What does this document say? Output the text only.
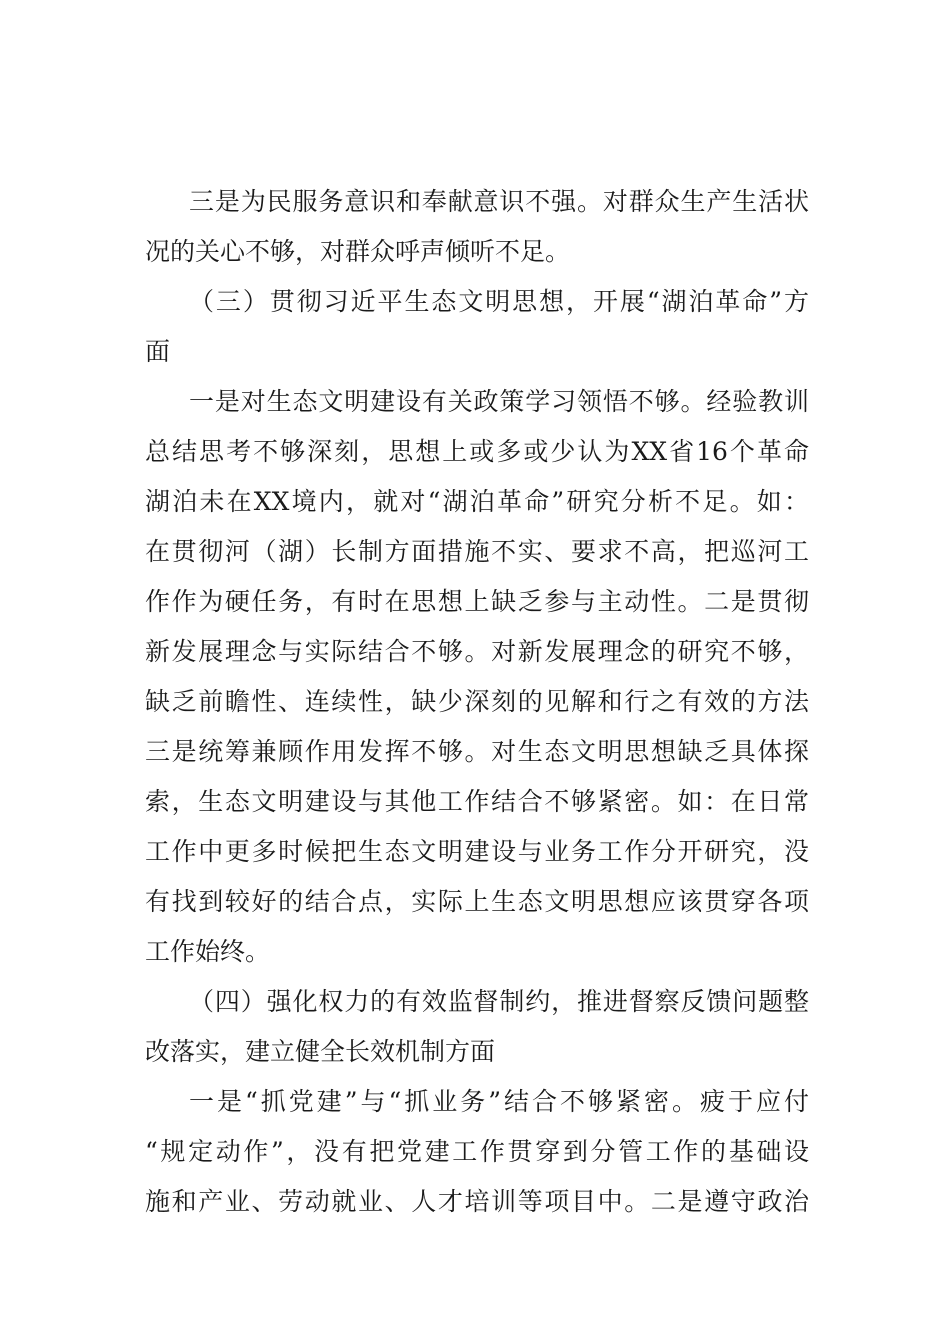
三是为民服务意识和奉献意识不强。对群众生产生活状
况的关心不够，对群众呼声倾听不足。
（三）贯彻习近平生态文明思想，开展“湖泊革命”方
面
一是对生态文明建设有关政策学习领悟不够。经验教训
总结思考不够深刻，思想上或多或少认为XX省16个革命
湖泊未在XX境内，就对“湖泊革命”研究分析不足。如：
在贯彻河（湖）长制方面措施不实、要求不高，把巡河工
作作为硬任务，有时在思想上缺乏参与主动性。二是贯彻
新发展理念与实际结合不够。对新发展理念的研究不够，
缺乏前瞻性、连续性，缺少深刻的见解和行之有效的方法
三是统筹兼顾作用发挥不够。对生态文明思想缺乏具体探
索，生态文明建设与其他工作结合不够紧密。如：在日常
工作中更多时候把生态文明建设与业务工作分开研究，没
有找到较好的结合点，实际上生态文明思想应该贯穿各项
工作始终。
（四）强化权力的有效监督制约，推进督察反馈问题整
改落实，建立健全长效机制方面
一是“抓党建”与“抓业务”结合不够紧密。疲于应付
“规定动作”，没有把党建工作贯穿到分管工作的基础设
施和产业、劳动就业、人才培训等项目中。二是遵守政治
